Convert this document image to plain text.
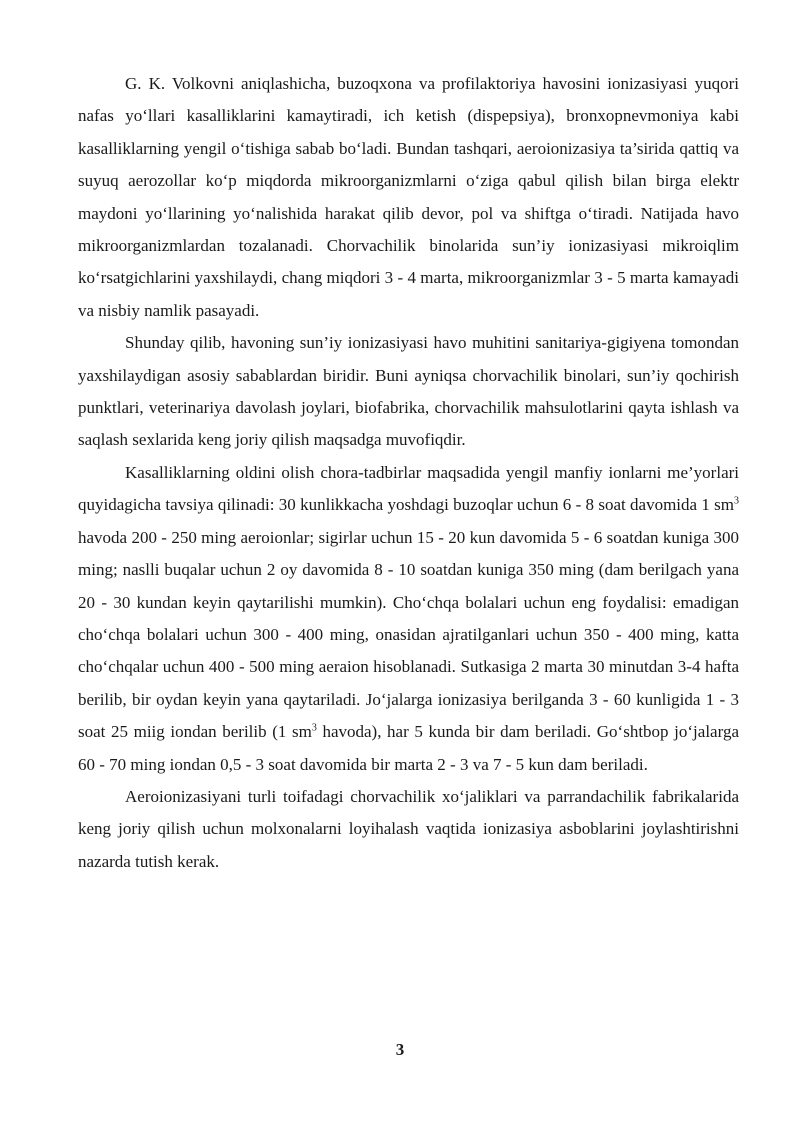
G. K. Volkovni aniqlashicha, buzoqxona va profilaktoriya havosini ionizasiyasi yuqori nafas yo‘llari kasalliklarini kamaytiradi, ich ketish (dispepsiya), bronxopnevmoniya kabi kasalliklarning yengil o‘tishiga sabab bo‘ladi. Bundan tashqari, aeroionizasiya ta’sirida qattiq va suyuq aerozollar ko‘p miqdorda mikroorganizmlarni o‘ziga qabul qilish bilan birga elektr maydoni yo‘llarining yo‘nalishida harakat qilib devor, pol va shiftga o‘tiradi. Natijada havo mikroorganizmlardan tozalanadi. Chorvachilik binolarida sun’iy ionizasiyasi mikroiqlim ko‘rsatgichlarini yaxshilaydi, chang miqdori 3 - 4 marta, mikroorganizmlar 3 - 5 marta kamayadi va nisbiy namlik pasayadi.

Shunday qilib, havoning sun’iy ionizasiyasi havo muhitini sanitariya-gigiyena tomondan yaxshilaydigan asosiy sabablardan biridir. Buni ayniqsa chorvachilik binolari, sun’iy qochirish punktlari, veterinariya davolash joylari, biofabrika, chorvachilik mahsulotlarini qayta ishlash va saqlash sexlarida keng joriy qilish maqsadga muvofiqdir.

Kasalliklarning oldini olish chora-tadbirlar maqsadida yengil manfiy ionlarni me’yorlari quyidagicha tavsiya qilinadi: 30 kunlikkacha yoshdagi buzoqlar uchun 6 - 8 soat davomida 1 $sm^3$ havoda 200 - 250 ming aeroionlar; sigirlar uchun 15 - 20 kun davomida 5 - 6 soatdan kuniga 300 ming; naslli buqalar uchun 2 oy davomida 8 - 10 soatdan kuniga 350 ming (dam berilgach yana 20 - 30 kundan keyin qaytarilishi mumkin). Cho‘chqa bolalari uchun eng foydalisi: emadigan cho‘chqa bolalari uchun 300 - 400 ming, onasidan ajratilganlari uchun 350 - 400 ming, katta cho‘chqalar uchun 400 - 500 ming aeraion hisoblanadi. Sutkasiga 2 marta 30 minutdan 3-4 hafta berilib, bir oydan keyin yana qaytariladi. Jo‘jalarga ionizasiya berilganda 3 - 60 kunligida 1 - 3 soat 25 miig iondan berilib (1 $sm^3$ havoda), har 5 kunda bir dam beriladi. Go‘shtbop jo‘jalarga 60 - 70 ming iondan 0,5 - 3 soat davomida bir marta 2 - 3 va 7 - 5 kun dam beriladi.

Aeroionizasiyani turli toifadagi chorvachilik xo‘jaliklari va parrandachilik fabrikalarida keng joriy qilish uchun molxonalarni loyihalash vaqtida ionizasiya asboblarini joylashtirishni nazarda tutish kerak.

3
